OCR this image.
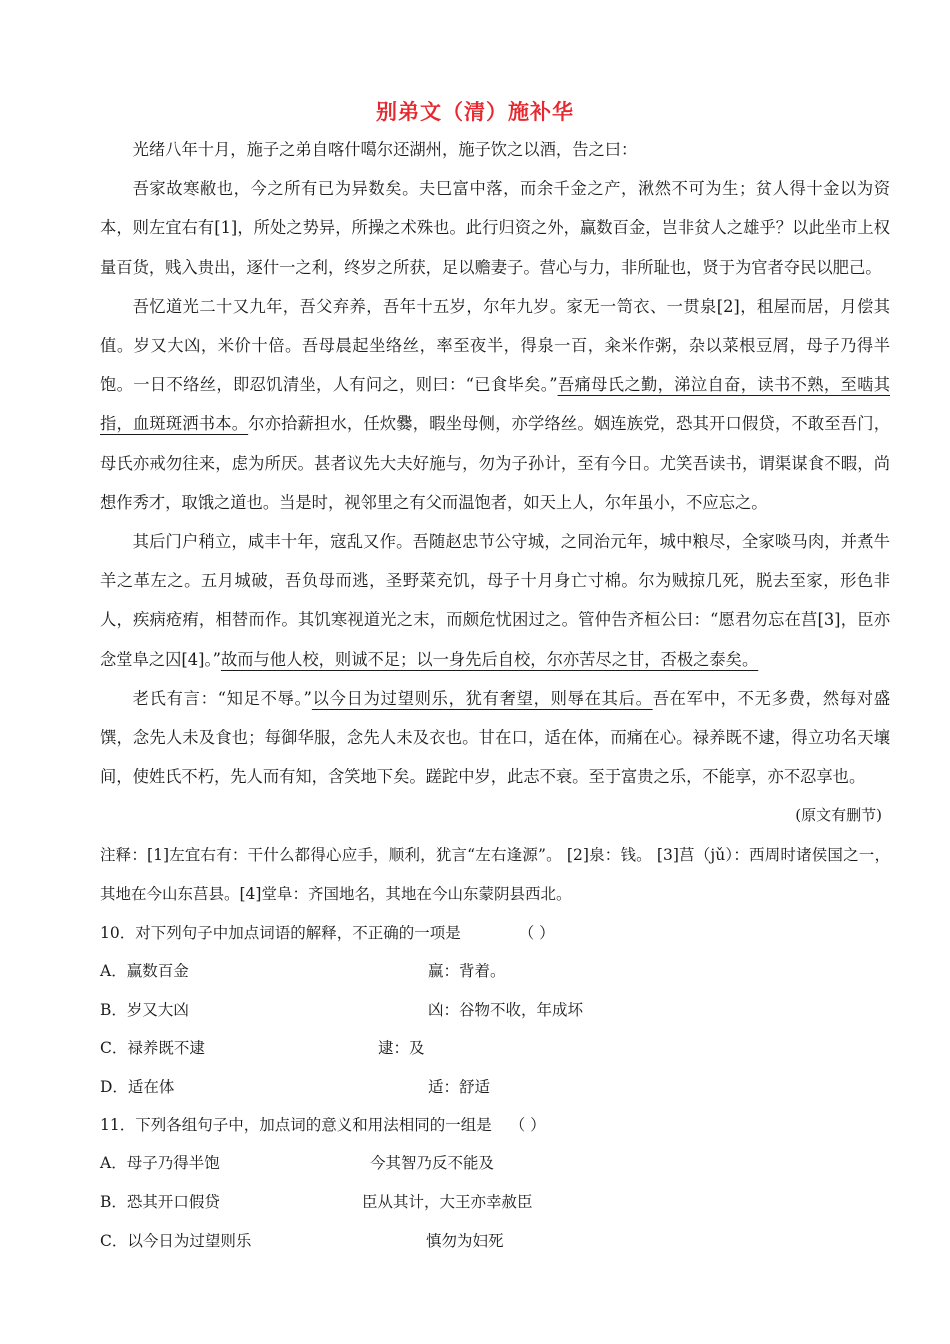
别弟文（清）施补华

光绪八年十月，施子之弟自喀什噶尔还湖州，施子饮之以酒，告之曰：

吾家故寒敝也，今之所有已为异数矣。夫巳富中落，而余千金之产，湫然不可为生；贫人得十金以为资本，则左宜右有[1]，所处之势异，所操之术殊也。此行归资之外，赢数百金，岂非贫人之雄乎？以此坐市上权量百货，贱入贵出，逐什一之利，终岁之所获，足以赡妻子。营心与力，非所耻也，贤于为官者夺民以肥己。

吾忆道光二十又九年，吾父弃养，吾年十五岁，尔年九岁。家无一笥衣、一贯泉[2]，租屋而居，月偿其值。岁又大凶，米价十倍。吾母晨起坐络丝，率至夜半，得泉一百，籴米作粥，杂以菜根豆屑，母子乃得半饱。一日不络丝，即忍饥清坐，人有问之，则曰：“已食毕矣。”吾痛母氏之勤，涕泣自奋，读书不熟，至啮其指，血斑斑洒书本。尔亦拾薪担水，任炊爨，暇坐母侧，亦学络丝。姻连族党，恐其开口假贷，不敢至吾门，母氏亦戒勿往来，虑为所厌。甚者议先大夫好施与，勿为子孙计，至有今日。尤笑吾读书，谓渠谋食不暇，尚想作秀才，取饿之道也。当是时，视邻里之有父而温饱者，如天上人，尔年虽小，不应忘之。

其后门户稍立，咸丰十年，寇乱又作。吾随赵忠节公守城，之同治元年，城中粮尽，全家啖马肉，并煮牛羊之革左之。五月城破，吾负母而逃，圣野菜充饥，母子十月身亡寸棉。尔为贼掠几死，脱去至家，形色非人，疾病疮痏，相替而作。其饥寒视道光之末，而颇危忧困过之。管仲告齐桓公曰：“愿君勿忘在莒[3]，臣亦念堂阜之囚[4]。”故而与他人校，则诚不足；以一身先后自校，尔亦苦尽之甘，否极之泰矣。

老氏有言：“知足不辱。”以今日为过望则乐，犹有奢望，则辱在其后。吾在军中，不无多费，然每对盛馔，念先人未及食也；每御华服，念先人未及衣也。甘在口，适在体，而痛在心。禄养既不逮，得立功名天壤间，使姓氏不朽，先人而有知，含笑地下矣。蹉跎中岁，此志不衰。至于富贵之乐，不能享，亦不忍享也。

(原文有删节)

注释：[1]左宜右有：干什么都得心应手，顺利，犹言“左右逢源”。 [2]泉：钱。 [3]莒（jǔ）：西周时诸侯国之一，其地在今山东莒县。[4]堂阜：齐国地名，其地在今山东蒙阴县西北。

10．对下列句子中加点词语的解释，不正确的一项是	（ ）
A．赢数百金	赢：背着。
B．岁又大凶	凶：谷物不收，年成坏
C．禄养既不逮	逮：及
D．适在体	适：舒适
11．下列各组句子中，加点词的意义和用法相同的一组是 （ ）
A．母子乃得半饱	今其智乃反不能及
B．恐其开口假贷	臣从其计，大王亦幸赦臣
C．以今日为过望则乐	慎勿为妇死
